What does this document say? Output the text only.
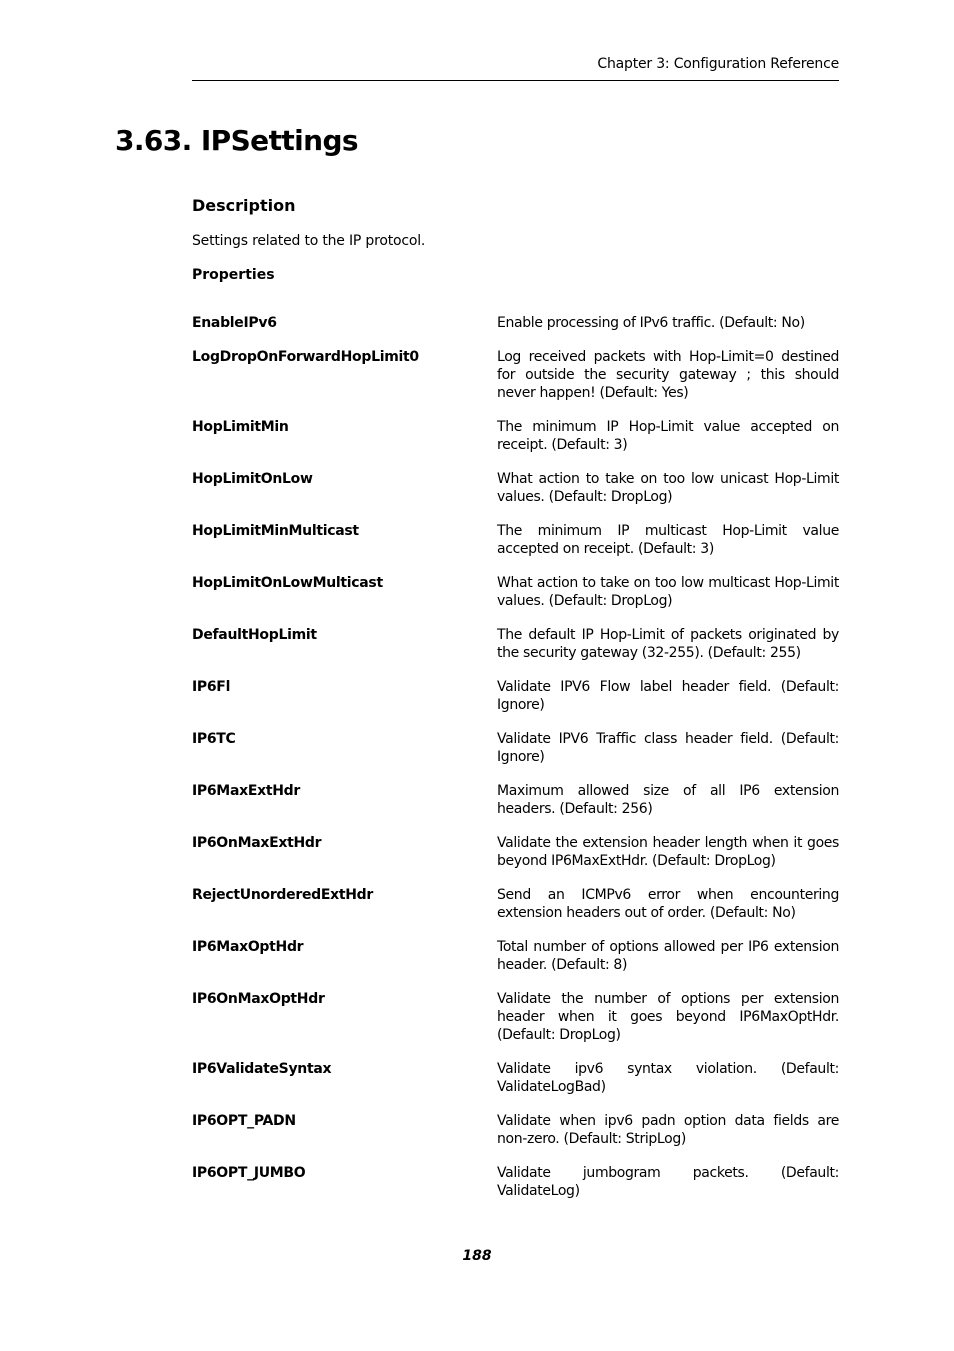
Chapter 3: Configuration Reference
3.63. IPSettings
Description

Settings related to the IP protocol.

Properties
EnableIPv6	Enable processing of IPv6 traffic. (Default: No)
LogDropOnForwardHopLimit0	Log received packets with Hop-Limit=0 destined for outside the security gateway ; this should never happen! (Default: Yes)
HopLimitMin	The minimum IP Hop-Limit value accepted on receipt. (Default: 3)
HopLimitOnLow	What action to take on too low unicast Hop-Limit values. (Default: DropLog)
HopLimitMinMulticast	The minimum IP multicast Hop-Limit value accepted on receipt. (Default: 3)
HopLimitOnLowMulticast	What action to take on too low multicast Hop-Limit values. (Default: DropLog)
DefaultHopLimit	The default IP Hop-Limit of packets originated by the security gateway (32-255). (Default: 255)
IP6Fl	Validate IPV6 Flow label header field. (Default: Ignore)
IP6TC	Validate IPV6 Traffic class header field. (Default: Ignore)
IP6MaxExtHdr	Maximum allowed size of all IP6 extension headers. (Default: 256)
IP6OnMaxExtHdr	Validate the extension header length when it goes beyond IP6MaxExtHdr. (Default: DropLog)
RejectUnorderedExtHdr	Send an ICMPv6 error when encountering extension headers out of order. (Default: No)
IP6MaxOptHdr	Total number of options allowed per IP6 extension header. (Default: 8)
IP6OnMaxOptHdr	Validate the number of options per extension header when it goes beyond IP6MaxOptHdr. (Default: DropLog)
IP6ValidateSyntax	Validate ipv6 syntax violation. (Default: ValidateLogBad)
IP6OPT_PADN	Validate when ipv6 padn option data fields are non-zero. (Default: StripLog)
IP6OPT_JUMBO	Validate jumbogram packets. (Default: ValidateLog)
188
